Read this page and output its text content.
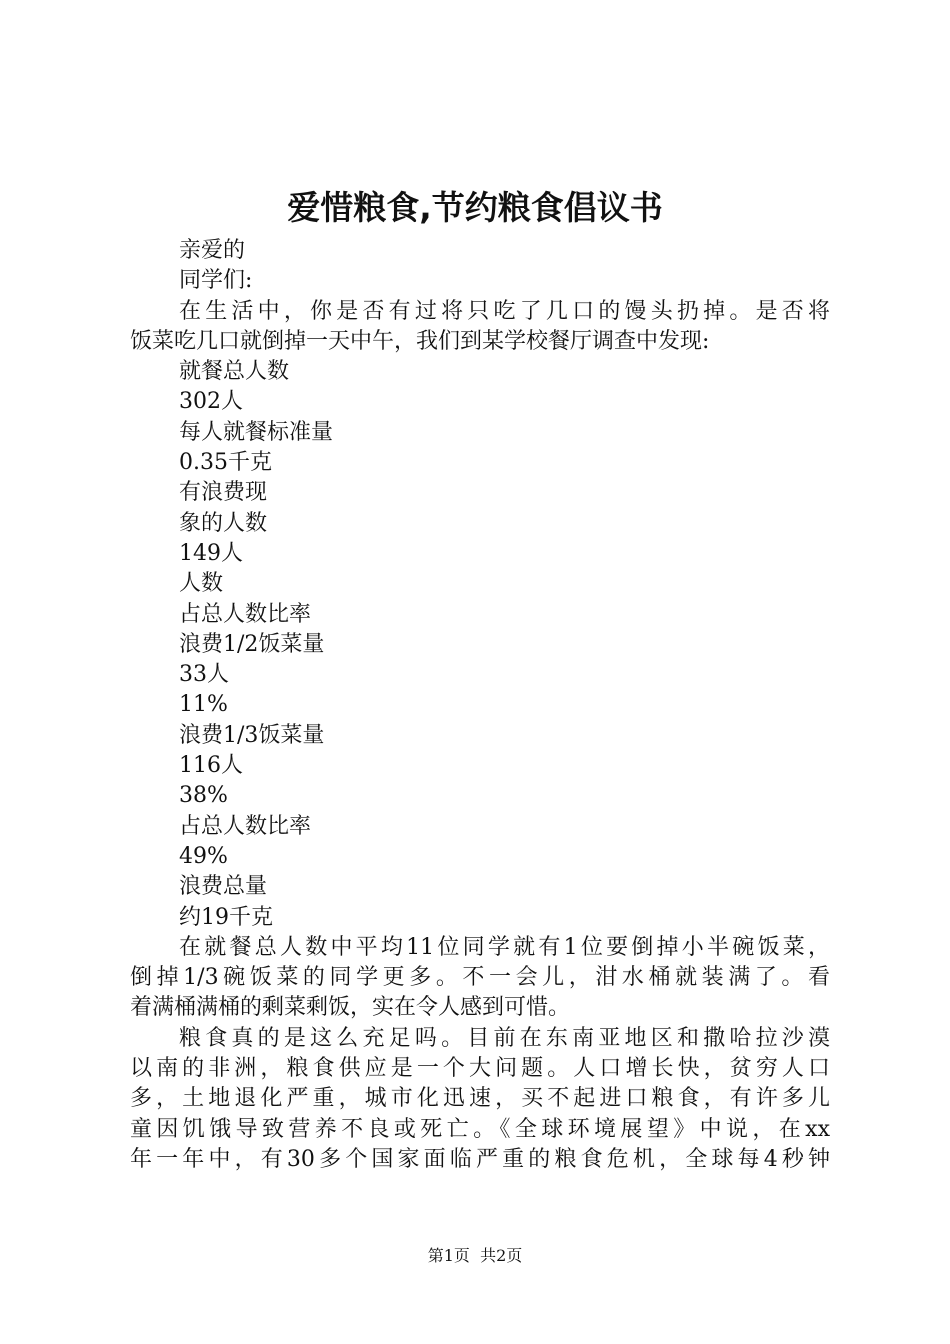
爱惜粮食,节约粮食倡议书
亲爱的
同学们:
在生活中，你是否有过将只吃了几口的馒头扔掉。是否将
饭菜吃几口就倒掉一天中午，我们到某学校餐厅调查中发现:
就餐总人数
302人
每人就餐标准量
0.35千克
有浪费现
象的人数
149人
人数
占总人数比率
浪费1/2饭菜量
33人
11%
浪费1/3饭菜量
116人
38%
占总人数比率
49%
浪费总量
约19千克
在就餐总人数中平均11位同学就有1位要倒掉小半碗饭菜，
倒掉1/3碗饭菜的同学更多。不一会儿，泔水桶就装满了。看
着满桶满桶的剩菜剩饭，实在令人感到可惜。
粮食真的是这么充足吗。目前在东南亚地区和撒哈拉沙漠
以南的非洲，粮食供应是一个大问题。人口增长快，贫穷人口
多，土地退化严重，城市化迅速，买不起进口粮食，有许多儿
童因饥饿导致营养不良或死亡。《全球环境展望》中说，在xx
年一年中，有30多个国家面临严重的粮食危机，全球每4秒钟
第1页 共2页
